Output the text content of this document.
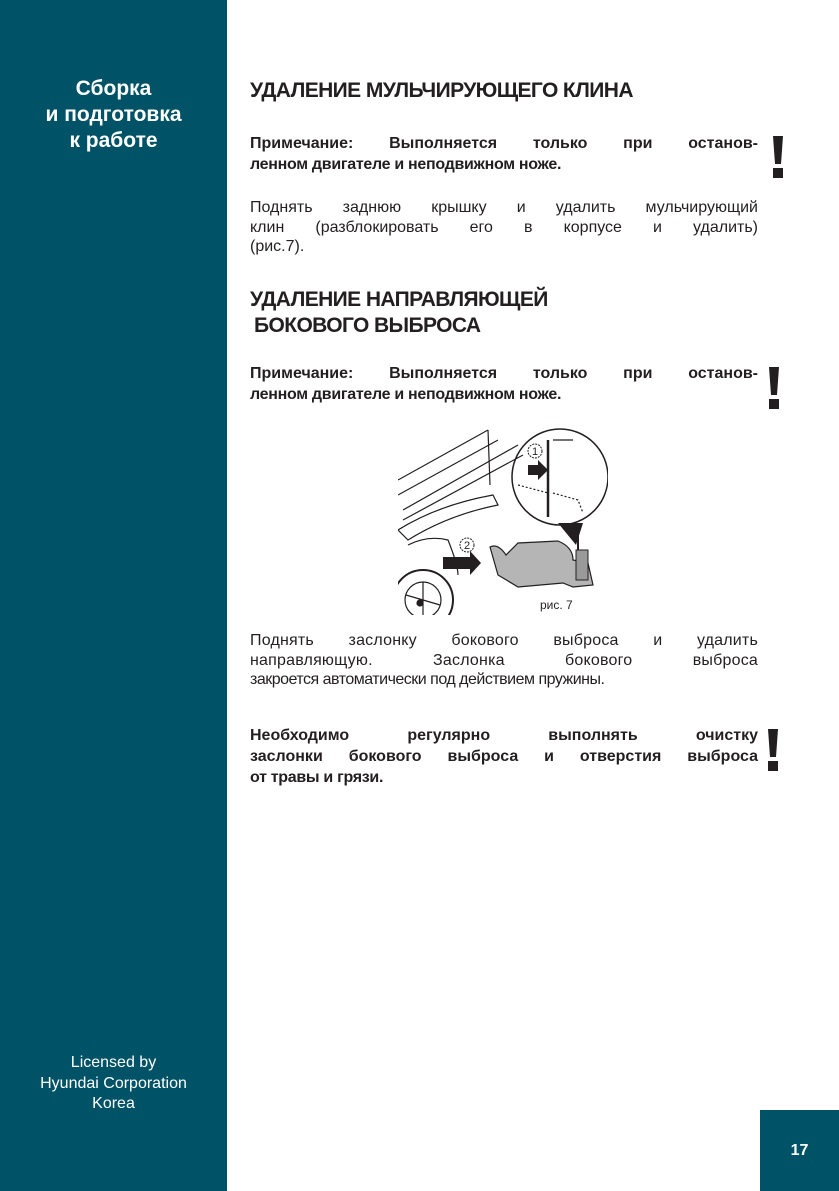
Сборка
и подготовка
к работе
Licensed by
Hyundai Corporation
Korea
УДАЛЕНИЕ МУЛЬЧИРУЮЩЕГО КЛИНА
Примечание: Выполняется только при останов-
ленном двигателе и неподвижном ноже.
Поднять заднюю крышку и удалить мульчирующий
клин (разблокировать его в корпусе и удалить)
(рис.7).
УДАЛЕНИЕ НАПРАВЛЯЮЩЕЙ
БОКОВОГО ВЫБРОСА
Примечание: Выполняется только при останов-
ленном двигателе и неподвижном ноже.
Поднять заслонку бокового выброса и удалить
направляющую. Заслонка бокового выброса
закроется автоматически под действием пружины.
Необходимо регулярно выполнять очистку
заслонки бокового выброса и отверстия выброса
от травы и грязи.
1
2
рис. 7
17
